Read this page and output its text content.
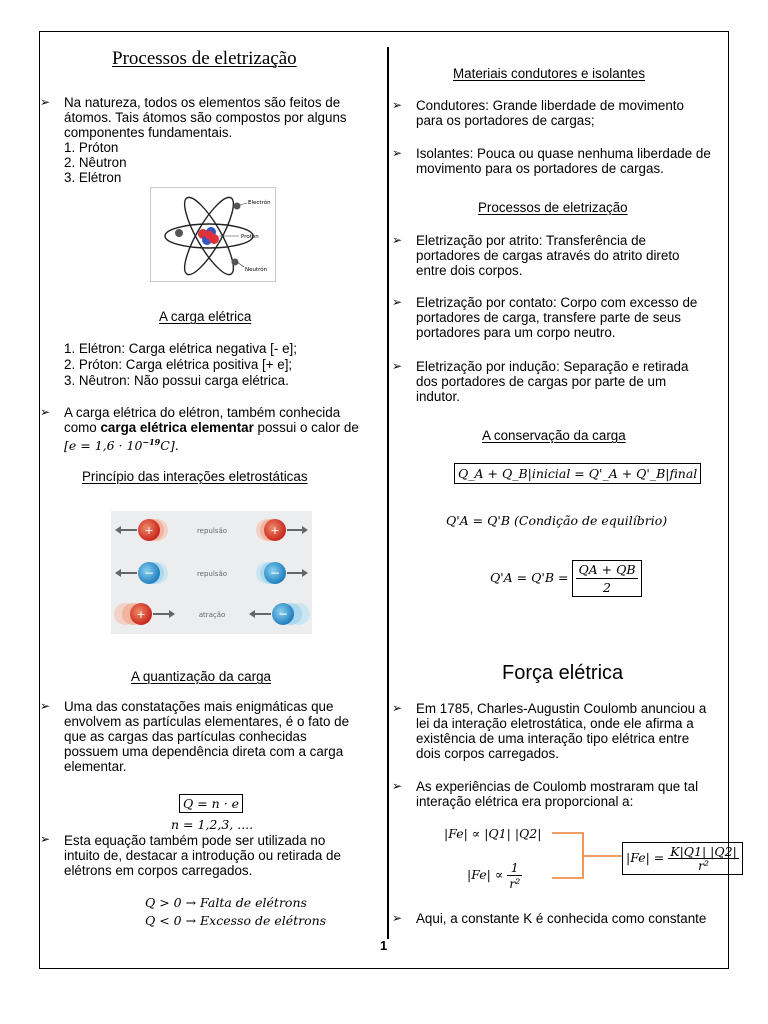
Processos de eletrização
➢ Na natureza, todos os elementos são feitos de
átomos. Tais átomos são compostos por alguns
componentes fundamentais.
1. Próton
2. Nêutron
3. Elétron
Electrón
Protón
Neutrón
A carga elétrica
1. Elétron: Carga elétrica negativa [- e];
2. Próton: Carga elétrica positiva [+ e];
3. Nêutron: Não possui carga elétrica.
➢ A carga elétrica do elétron, também conhecida
como carga elétrica elementar possui o calor de
$[e = 1,6 \cdot 10^{-19}C]$.
Princípio das interações eletrostáticas
+	+
repulsão
−	−
repulsão
+	−
atração
A quantização da carga
➢ Uma das constatações mais enigmáticas que
envolvem as partículas elementares, é o fato de
que as cargas das partículas conhecidas
possuem uma dependência direta com a carga
elementar.
Q = n · e
n = 1,2,3, ....
➢ Esta equação também pode ser utilizada no
intuito de, destacar a introdução ou retirada de
elétrons em corpos carregados.
Q > 0 → Falta de elétrons
Q < 0 → Excesso de elétrons
1
Materiais condutores e isolantes
➢ Condutores: Grande liberdade de movimento
para os portadores de cargas;
➢ Isolantes: Pouca ou quase nenhuma liberdade de
movimento para os portadores de cargas.
Processos de eletrização
➢ Eletrização por atrito: Transferência de
portadores de cargas através do atrito direto
entre dois corpos.
➢ Eletrização por contato: Corpo com excesso de
portadores de carga, transfere parte de seus
portadores para um corpo neutro.
➢ Eletrização por indução: Separação e retirada
dos portadores de cargas por parte de um
indutor.
A conservação da carga
Q_A + Q_B|inicial = Q'_A + Q'_B|final
Q'A = Q'B (Condição de equilíbrio)
$Q'A = Q'B = \frac{QA + QB}{2}$
Força elétrica
➢ Em 1785, Charles-Augustin Coulomb anunciou a
lei da interação eletrostática, onde ele afirma a
existência de uma interação tipo elétrica entre
dois corpos carregados.
➢ As experiências de Coulomb mostraram que tal
interação elétrica era proporcional a:
|Fe| ∝ |Q1| |Q2|
$|Fe| \propto \frac{1}{\text{r²}}$
$|Fe| = \frac{K|Q1| |Q2|}{\text{r²}}$
➢ Aqui, a constante K é conhecida como constante
